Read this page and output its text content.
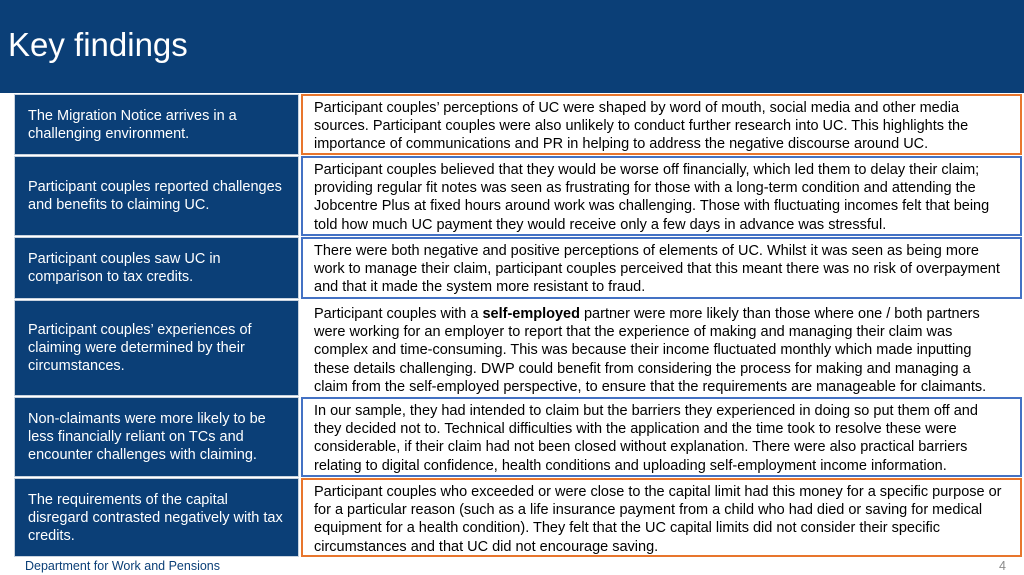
Key findings
The Migration Notice arrives in a challenging environment.
Participant couples’ perceptions of UC were shaped by word of mouth, social media and other media sources. Participant couples were also unlikely to conduct further research into UC. This highlights the importance of communications and PR in helping to address the negative discourse around UC.
Participant couples reported challenges and benefits to claiming UC.
Participant couples believed that they would be worse off financially, which led them to delay their claim; providing regular fit notes was seen as frustrating for those with a long-term condition and attending the Jobcentre Plus at fixed hours around work was challenging. Those with fluctuating incomes felt that being told how much UC payment they would receive only a few days in advance was stressful.
Participant couples saw UC in comparison to tax credits.
There were both negative and positive perceptions of elements of UC. Whilst it was seen as being more work to manage their claim, participant couples perceived that this meant there was no risk of overpayment and that it made the system more resistant to fraud.
Participant couples’ experiences of claiming were determined by their circumstances.
Participant couples with a self-employed partner were more likely than those where one / both partners were working for an employer to report that the experience of making and managing their claim was complex and time-consuming. This was because their income fluctuated monthly which made inputting these details challenging. DWP could benefit from considering the process for making and managing a claim from the self-employed perspective, to ensure that the requirements are manageable for claimants.
Non-claimants were more likely to be less financially reliant on TCs and encounter challenges with claiming.
In our sample, they had intended to claim but the barriers they experienced in doing so put them off and they decided not to. Technical difficulties with the application and the time took to resolve these were considerable, if their claim had not been closed without explanation. There were also practical barriers relating to digital confidence, health conditions and uploading self-employment income information.
The requirements of the capital disregard contrasted negatively with tax credits.
Participant couples who exceeded or were close to the capital limit had this money for a specific purpose or for a particular reason (such as a life insurance payment from a child who had died or saving for medical equipment for a health condition). They felt that the UC capital limits did not consider their specific circumstances and that UC did not encourage saving.
Department for Work and Pensions	4
